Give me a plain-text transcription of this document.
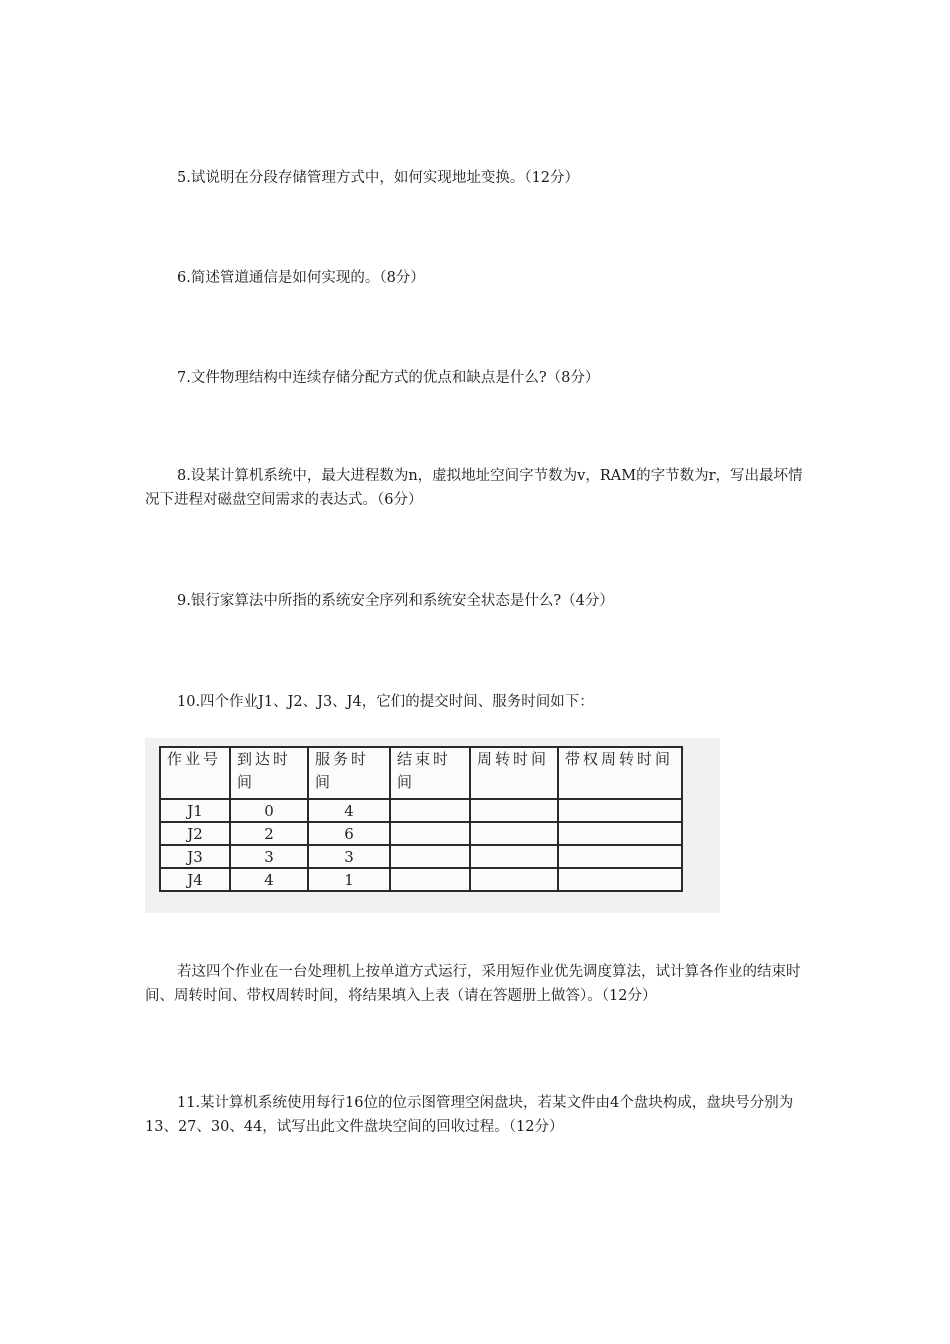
5.试说明在分段存储管理方式中，如何实现地址变换。（12分）

6.简述管道通信是如何实现的。（8分）

7.文件物理结构中连续存储分配方式的优点和缺点是什么?（8分）

8.设某计算机系统中，最大进程数为n，虚拟地址空间字节数为v，RAM的字节数为r，写出最坏情况下进程对磁盘空间需求的表达式。（6分）

9.银行家算法中所指的系统安全序列和系统安全状态是什么?（4分）

10.四个作业J1、J2、J3、J4，它们的提交时间、服务时间如下：

作业号	到达时间	服务时间	结束时间	周转时间	带权周转时间
J1	0	4			
J2	2	6			
J3	3	3			
J4	4	1			

若这四个作业在一台处理机上按单道方式运行，采用短作业优先调度算法，试计算各作业的结束时间、周转时间、带权周转时间，将结果填入上表（请在答题册上做答）。（12分）

11.某计算机系统使用每行16位的位示图管理空闲盘块，若某文件由4个盘块构成，盘块号分别为13、27、30、44，试写出此文件盘块空间的回收过程。（12分）
